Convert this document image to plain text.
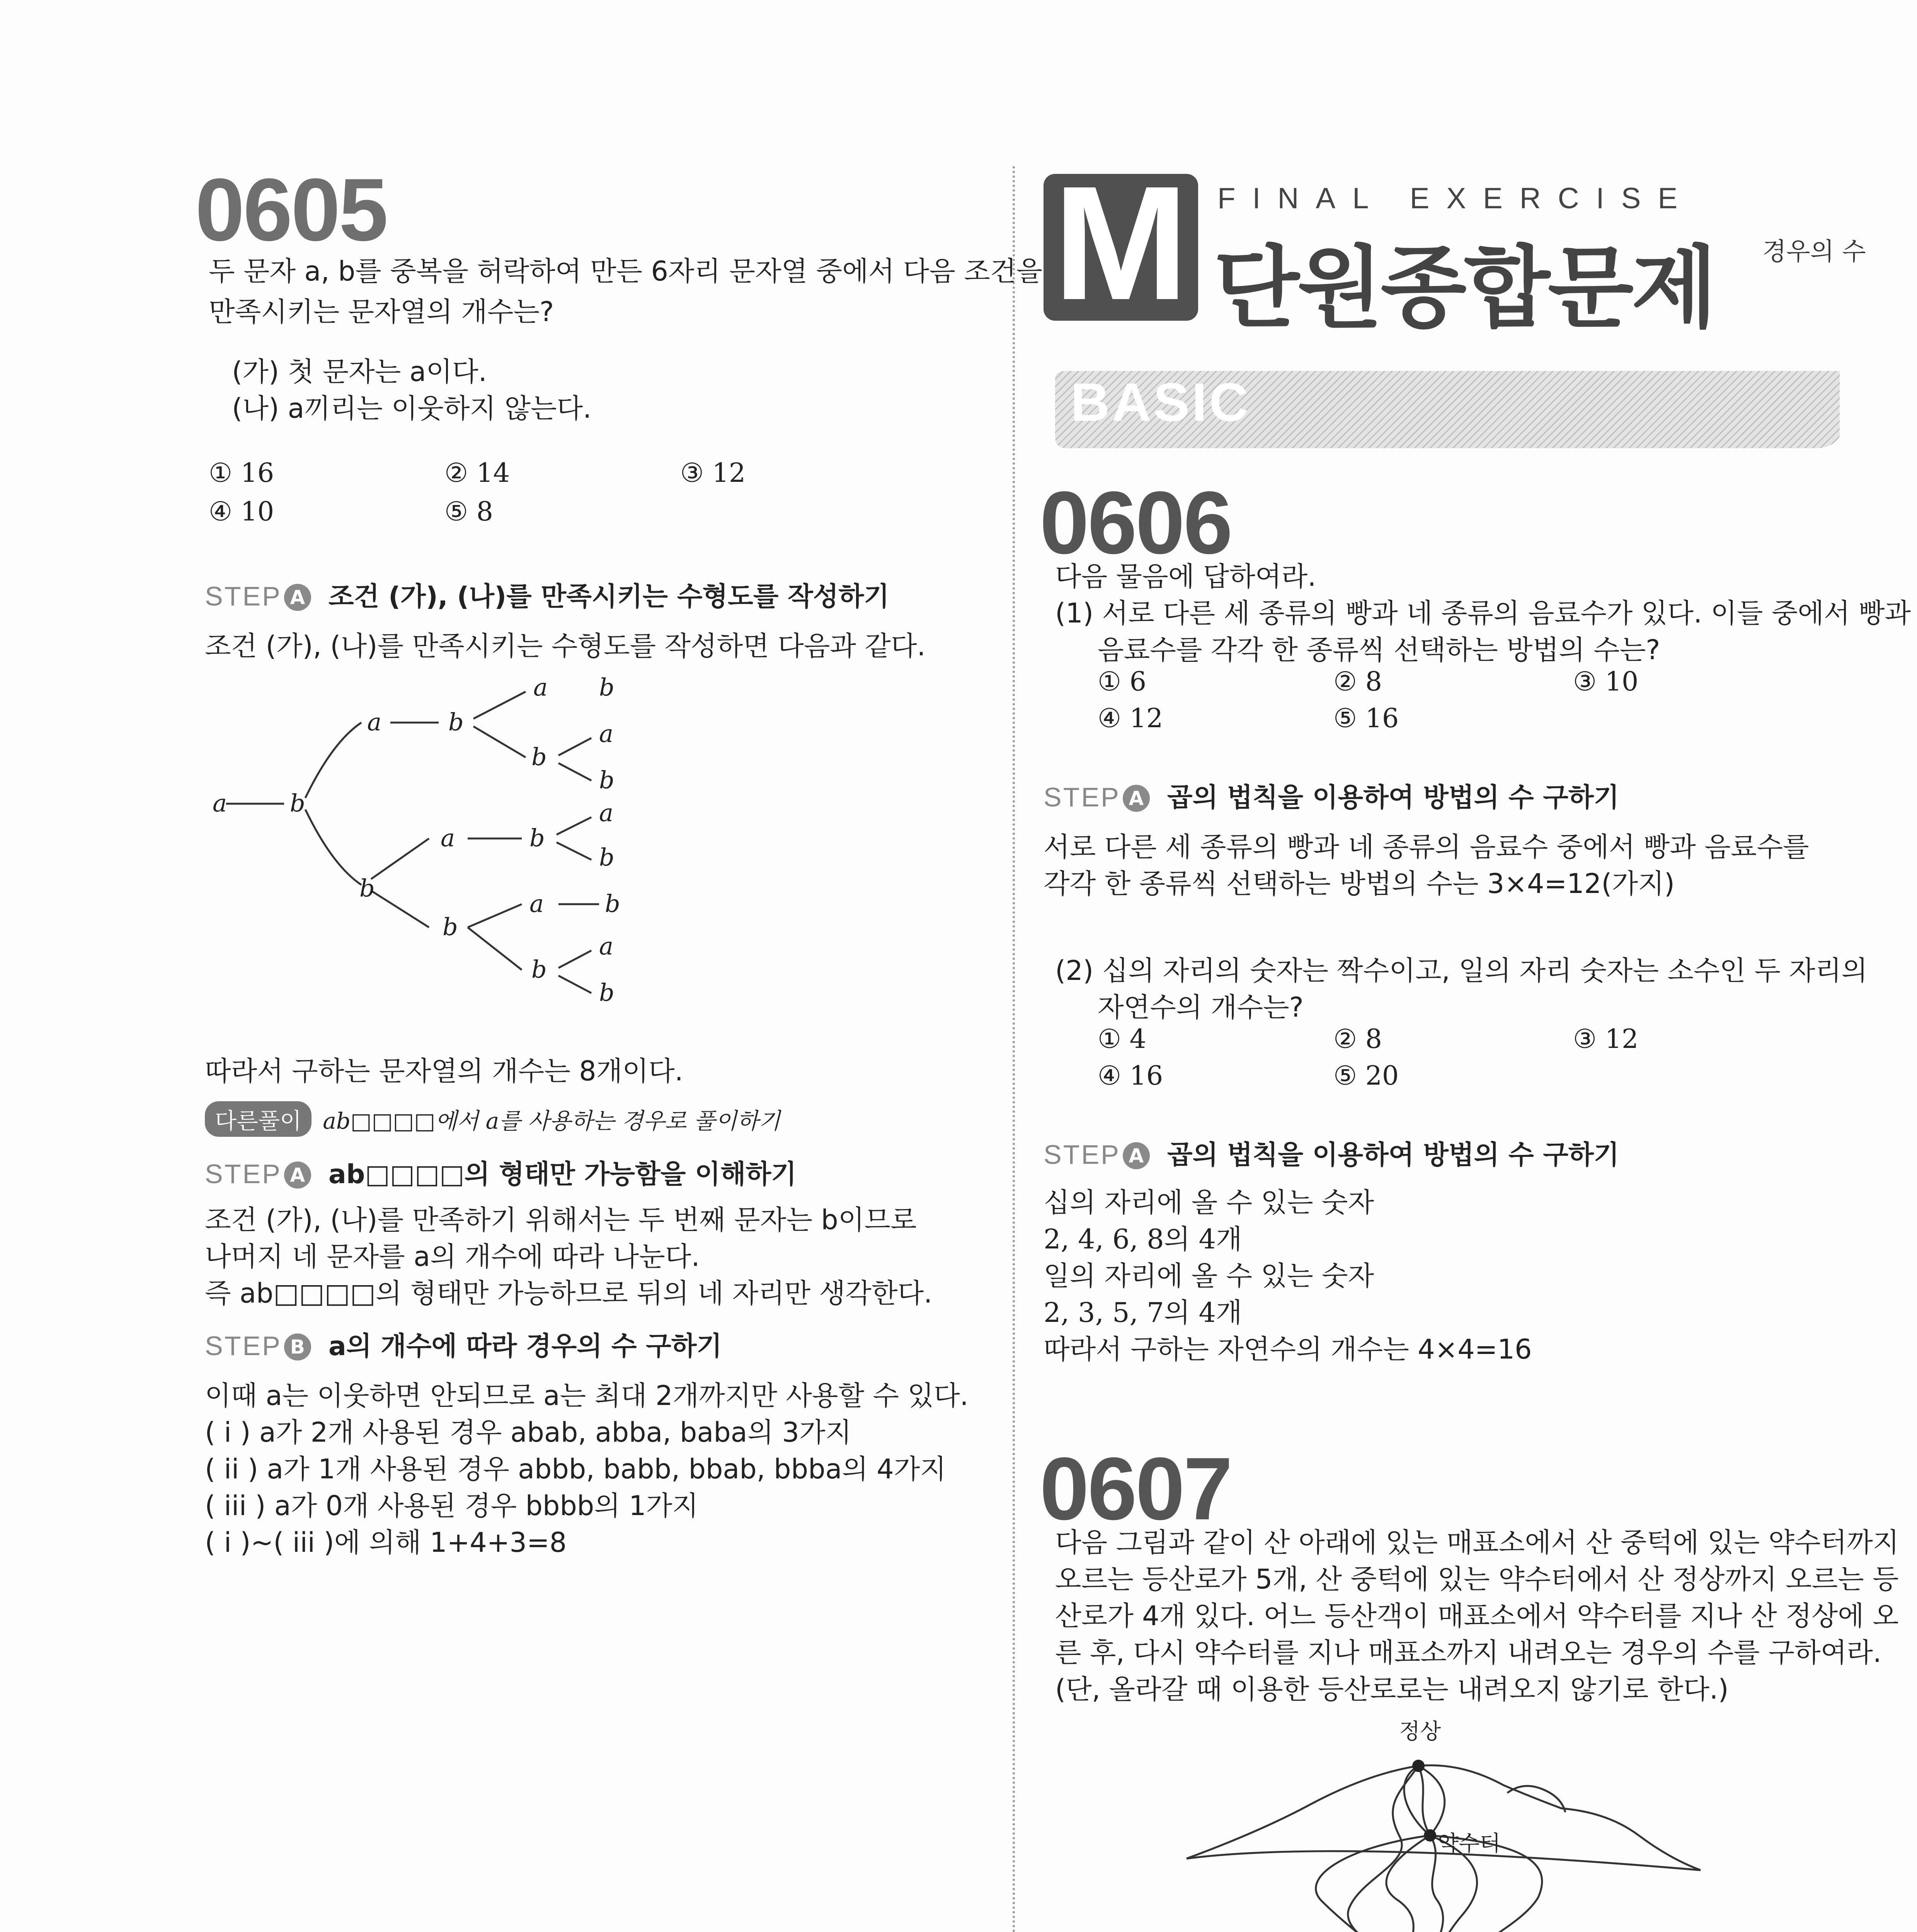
0605
두 문자 a, b를 중복을 허락하여 만든 6자리 문자열 중에서 다음 조건을
만족시키는 문자열의 개수는?
(가) 첫 문자는 a이다.
(나) a끼리는 이웃하지 않는다.
① 16	② 14	③ 12
④ 10	⑤ 8
STEP A 조건 (가), (나)를 만족시키는 수형도를 작성하기
조건 (가), (나)를 만족시키는 수형도를 작성하면 다음과 같다.
a	b
a	b
a b
b
a
b
b
a	b
a
b
b
a	b
b
a
b
따라서 구하는 문자열의 개수는 8개이다.
다른풀이 ab□□□□에서 a를 사용하는 경우로 풀이하기
STEP A ab□□□□의 형태만 가능함을 이해하기
조건 (가), (나)를 만족하기 위해서는 두 번째 문자는 b이므로
나머지 네 문자를 a의 개수에 따라 나눈다.
즉 ab□□□□의 형태만 가능하므로 뒤의 네 자리만 생각한다.
STEP B a의 개수에 따라 경우의 수 구하기
이때 a는 이웃하면 안되므로 a는 최대 2개까지만 사용할 수 있다.
( i ) a가 2개 사용된 경우 abab, abba, baba의 3가지
( ii ) a가 1개 사용된 경우 abbb, babb, bbab, bbba의 4가지
( iii ) a가 0개 사용된 경우 bbbb의 1가지
( i )~( iii )에 의해 1+4+3=8
M FINAL EXERCISE
단원종합문제 경우의 수
BASIC
0606
다음 물음에 답하여라.
(1) 서로 다른 세 종류의 빵과 네 종류의 음료수가 있다. 이들 중에서 빵과
음료수를 각각 한 종류씩 선택하는 방법의 수는?
① 6	② 8	③ 10
④ 12	⑤ 16
STEP A 곱의 법칙을 이용하여 방법의 수 구하기
서로 다른 세 종류의 빵과 네 종류의 음료수 중에서 빵과 음료수를
각각 한 종류씩 선택하는 방법의 수는 3×4=12(가지)
(2) 십의 자리의 숫자는 짝수이고, 일의 자리 숫자는 소수인 두 자리의
자연수의 개수는?
① 4	② 8	③ 12
④ 16	⑤ 20
STEP A 곱의 법칙을 이용하여 방법의 수 구하기
십의 자리에 올 수 있는 숫자
2, 4, 6, 8의 4개
일의 자리에 올 수 있는 숫자
2, 3, 5, 7의 4개
따라서 구하는 자연수의 개수는 4×4=16
0607
다음 그림과 같이 산 아래에 있는 매표소에서 산 중턱에 있는 약수터까지
오르는 등산로가 5개, 산 중턱에 있는 약수터에서 산 정상까지 오르는 등
산로가 4개 있다. 어느 등산객이 매표소에서 약수터를 지나 산 정상에 오
른 후, 다시 약수터를 지나 매표소까지 내려오는 경우의 수를 구하여라.
(단, 올라갈 때 이용한 등산로로는 내려오지 않기로 한다.)
정상
약수터
